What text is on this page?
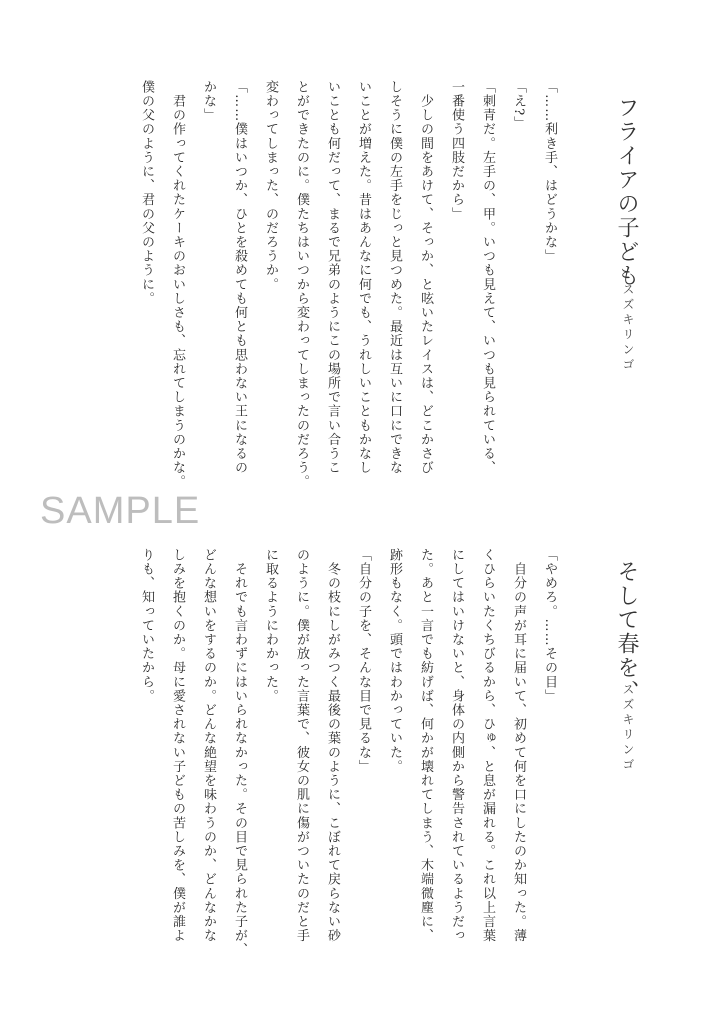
フライアの子ども
スズキリンゴ
「……利き手、はどうかな」
「え?」
「刺青だ。左手の、甲。いつも見えて、いつも見られている、
一番使う四肢だから」
　少しの間をあけて、そっか、と呟いたレイスは、どこかさび
しそうに僕の左手をじっと見つめた。最近は互いに口にできな
いことが増えた。昔はあんなに何でも、うれしいこともかなし
いことも何だって、まるで兄弟のようにこの場所で言い合うこ
とができたのに。僕たちはいつから変わってしまったのだろう。
変わってしまった、のだろうか。
「……僕はいつか、ひとを殺めても何とも思わない王になるの
かな」
　君の作ってくれたケーキのおいしさも、忘れてしまうのかな。
僕の父のように、君の父のように。
そして春を、
スズキリンゴ
「やめろ。……その目」
　自分の声が耳に届いて、初めて何を口にしたのか知った。薄
くひらいたくちびるから、ひゅ、と息が漏れる。これ以上言葉
にしてはいけないと、身体の内側から警告されているようだっ
た。あと一言でも紡げば、何かが壊れてしまう、木端微塵に、
跡形もなく。頭ではわかっていた。
「自分の子を、そんな目で見るな」
　冬の枝にしがみつく最後の葉のように、こぼれて戻らない砂
のように。僕が放った言葉で、彼女の肌に傷がついたのだと手
に取るようにわかった。
　それでも言わずにはいられなかった。その目で見られた子が、
どんな想いをするのか。どんな絶望を味わうのか、どんなかな
しみを抱くのか。母に愛されない子どもの苦しみを、僕が誰よ
りも、知っていたから。
SAMPLE
